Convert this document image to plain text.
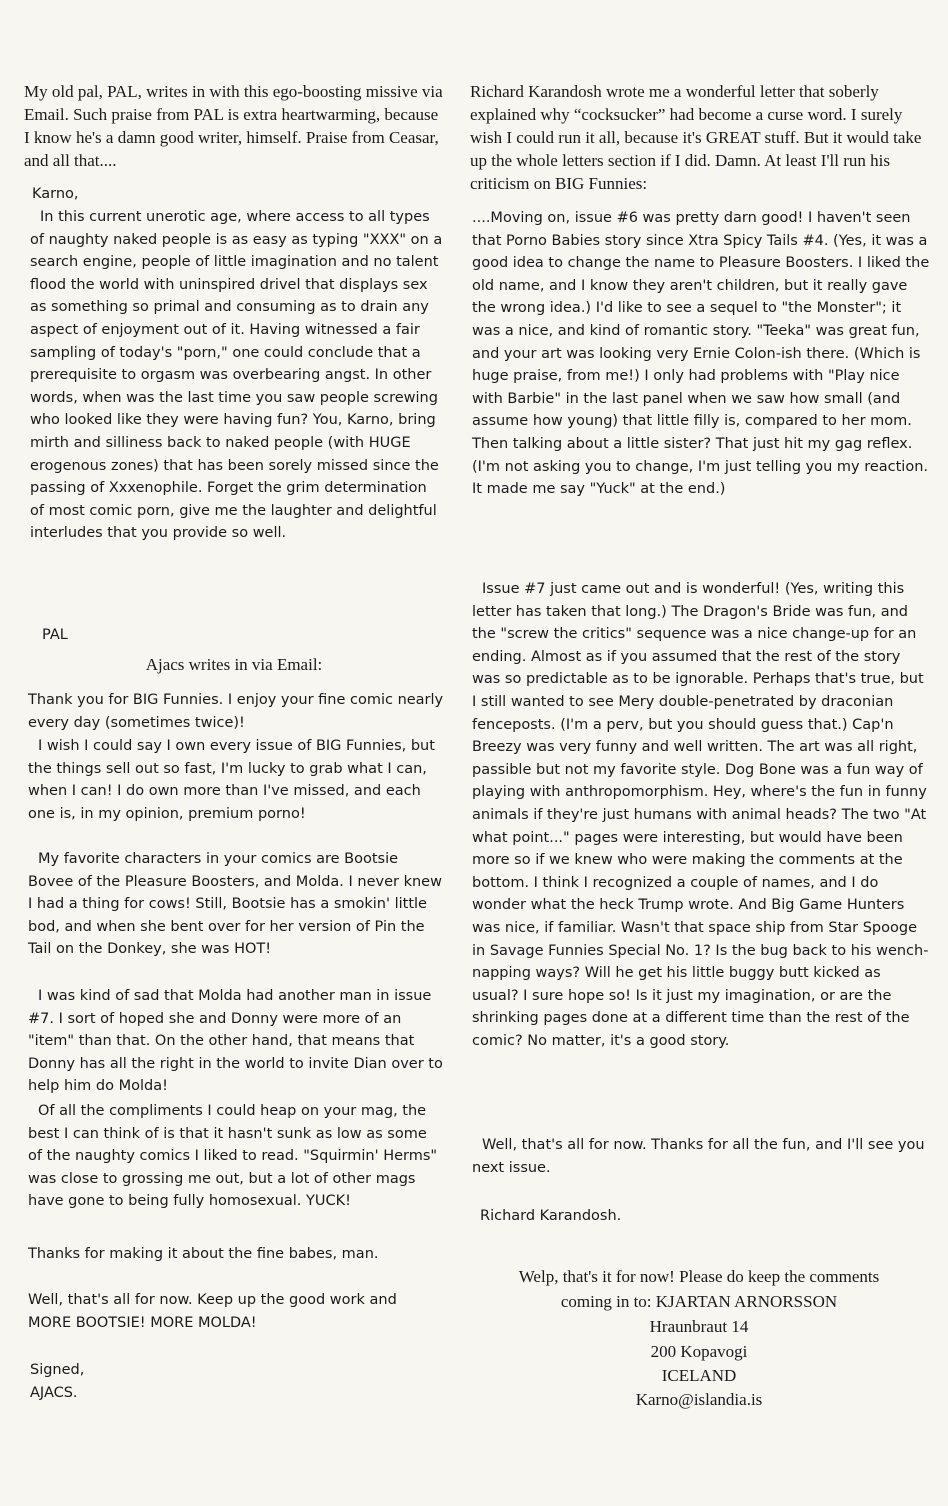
My old pal, PAL, writes in with this ego-boosting missive via Email. Such praise from PAL is extra heartwarming, because I know he's a damn good writer, himself. Praise from Ceasar, and all that....

Karno,

In this current unerotic age, where access to all types of naughty naked people is as easy as typing "XXX" on a search engine, people of little imagination and no talent flood the world with uninspired drivel that displays sex as something so primal and consuming as to drain any aspect of enjoyment out of it. Having witnessed a fair sampling of today's "porn," one could conclude that a prerequisite to orgasm was overbearing angst. In other words, when was the last time you saw people screwing who looked like they were having fun? You, Karno, bring mirth and silliness back to naked people (with HUGE erogenous zones) that has been sorely missed since the passing of Xxxenophile. Forget the grim determination of most comic porn, give me the laughter and delightful interludes that you provide so well.

PAL

Ajacs writes in via Email:

Thank you for BIG Funnies. I enjoy your fine comic nearly every day (sometimes twice)!

I wish I could say I own every issue of BIG Funnies, but the things sell out so fast, I'm lucky to grab what I can, when I can! I do own more than I've missed, and each one is, in my opinion, premium porno!

My favorite characters in your comics are Bootsie Bovee of the Pleasure Boosters, and Molda. I never knew I had a thing for cows! Still, Bootsie has a smokin' little bod, and when she bent over for her version of Pin the Tail on the Donkey, she was HOT!

I was kind of sad that Molda had another man in issue #7. I sort of hoped she and Donny were more of an "item" than that. On the other hand, that means that Donny has all the right in the world to invite Dian over to help him do Molda!

Of all the compliments I could heap on your mag, the best I can think of is that it hasn't sunk as low as some of the naughty comics I liked to read. "Squirmin' Herms" was close to grossing me out, but a lot of other mags have gone to being fully homosexual. YUCK!

Thanks for making it about the fine babes, man.

Well, that's all for now. Keep up the good work and MORE BOOTSIE! MORE MOLDA!

Signed,

AJACS.

Richard Karandosh wrote me a wonderful letter that soberly explained why “cocksucker” had become a curse word. I surely wish I could run it all, because it's GREAT stuff. But it would take up the whole letters section if I did. Damn. At least I'll run his criticism on BIG Funnies:

....Moving on, issue #6 was pretty darn good! I haven't seen that Porno Babies story since Xtra Spicy Tails #4. (Yes, it was a good idea to change the name to Pleasure Boosters. I liked the old name, and I know they aren't children, but it really gave the wrong idea.) I'd like to see a sequel to "the Monster"; it was a nice, and kind of romantic story. "Teeka" was great fun, and your art was looking very Ernie Colon-ish there. (Which is huge praise, from me!) I only had problems with "Play nice with Barbie" in the last panel when we saw how small (and assume how young) that little filly is, compared to her mom. Then talking about a little sister? That just hit my gag reflex. (I'm not asking you to change, I'm just telling you my reaction. It made me say "Yuck" at the end.)

Issue #7 just came out and is wonderful! (Yes, writing this letter has taken that long.) The Dragon's Bride was fun, and the "screw the critics" sequence was a nice change-up for an ending. Almost as if you assumed that the rest of the story was so predictable as to be ignorable. Perhaps that's true, but I still wanted to see Mery double-penetrated by draconian fenceposts. (I'm a perv, but you should guess that.) Cap'n Breezy was very funny and well written. The art was all right, passible but not my favorite style. Dog Bone was a fun way of playing with anthropomorphism. Hey, where's the fun in funny animals if they're just humans with animal heads? The two "At what point..." pages were interesting, but would have been more so if we knew who were making the comments at the bottom. I think I recognized a couple of names, and I do wonder what the heck Trump wrote. And Big Game Hunters was nice, if familiar. Wasn't that space ship from Star Spooge in Savage Funnies Special No. 1? Is the bug back to his wench-napping ways? Will he get his little buggy butt kicked as usual? I sure hope so! Is it just my imagination, or are the shrinking pages done at a different time than the rest of the comic? No matter, it's a good story.

Well, that's all for now. Thanks for all the fun, and I'll see you next issue.

Richard Karandosh.

Welp, that's it for now! Please do keep the comments

coming in to: KJARTAN ARNORSSON

Hraunbraut 14

200 Kopavogi

ICELAND

Karno@islandia.is
